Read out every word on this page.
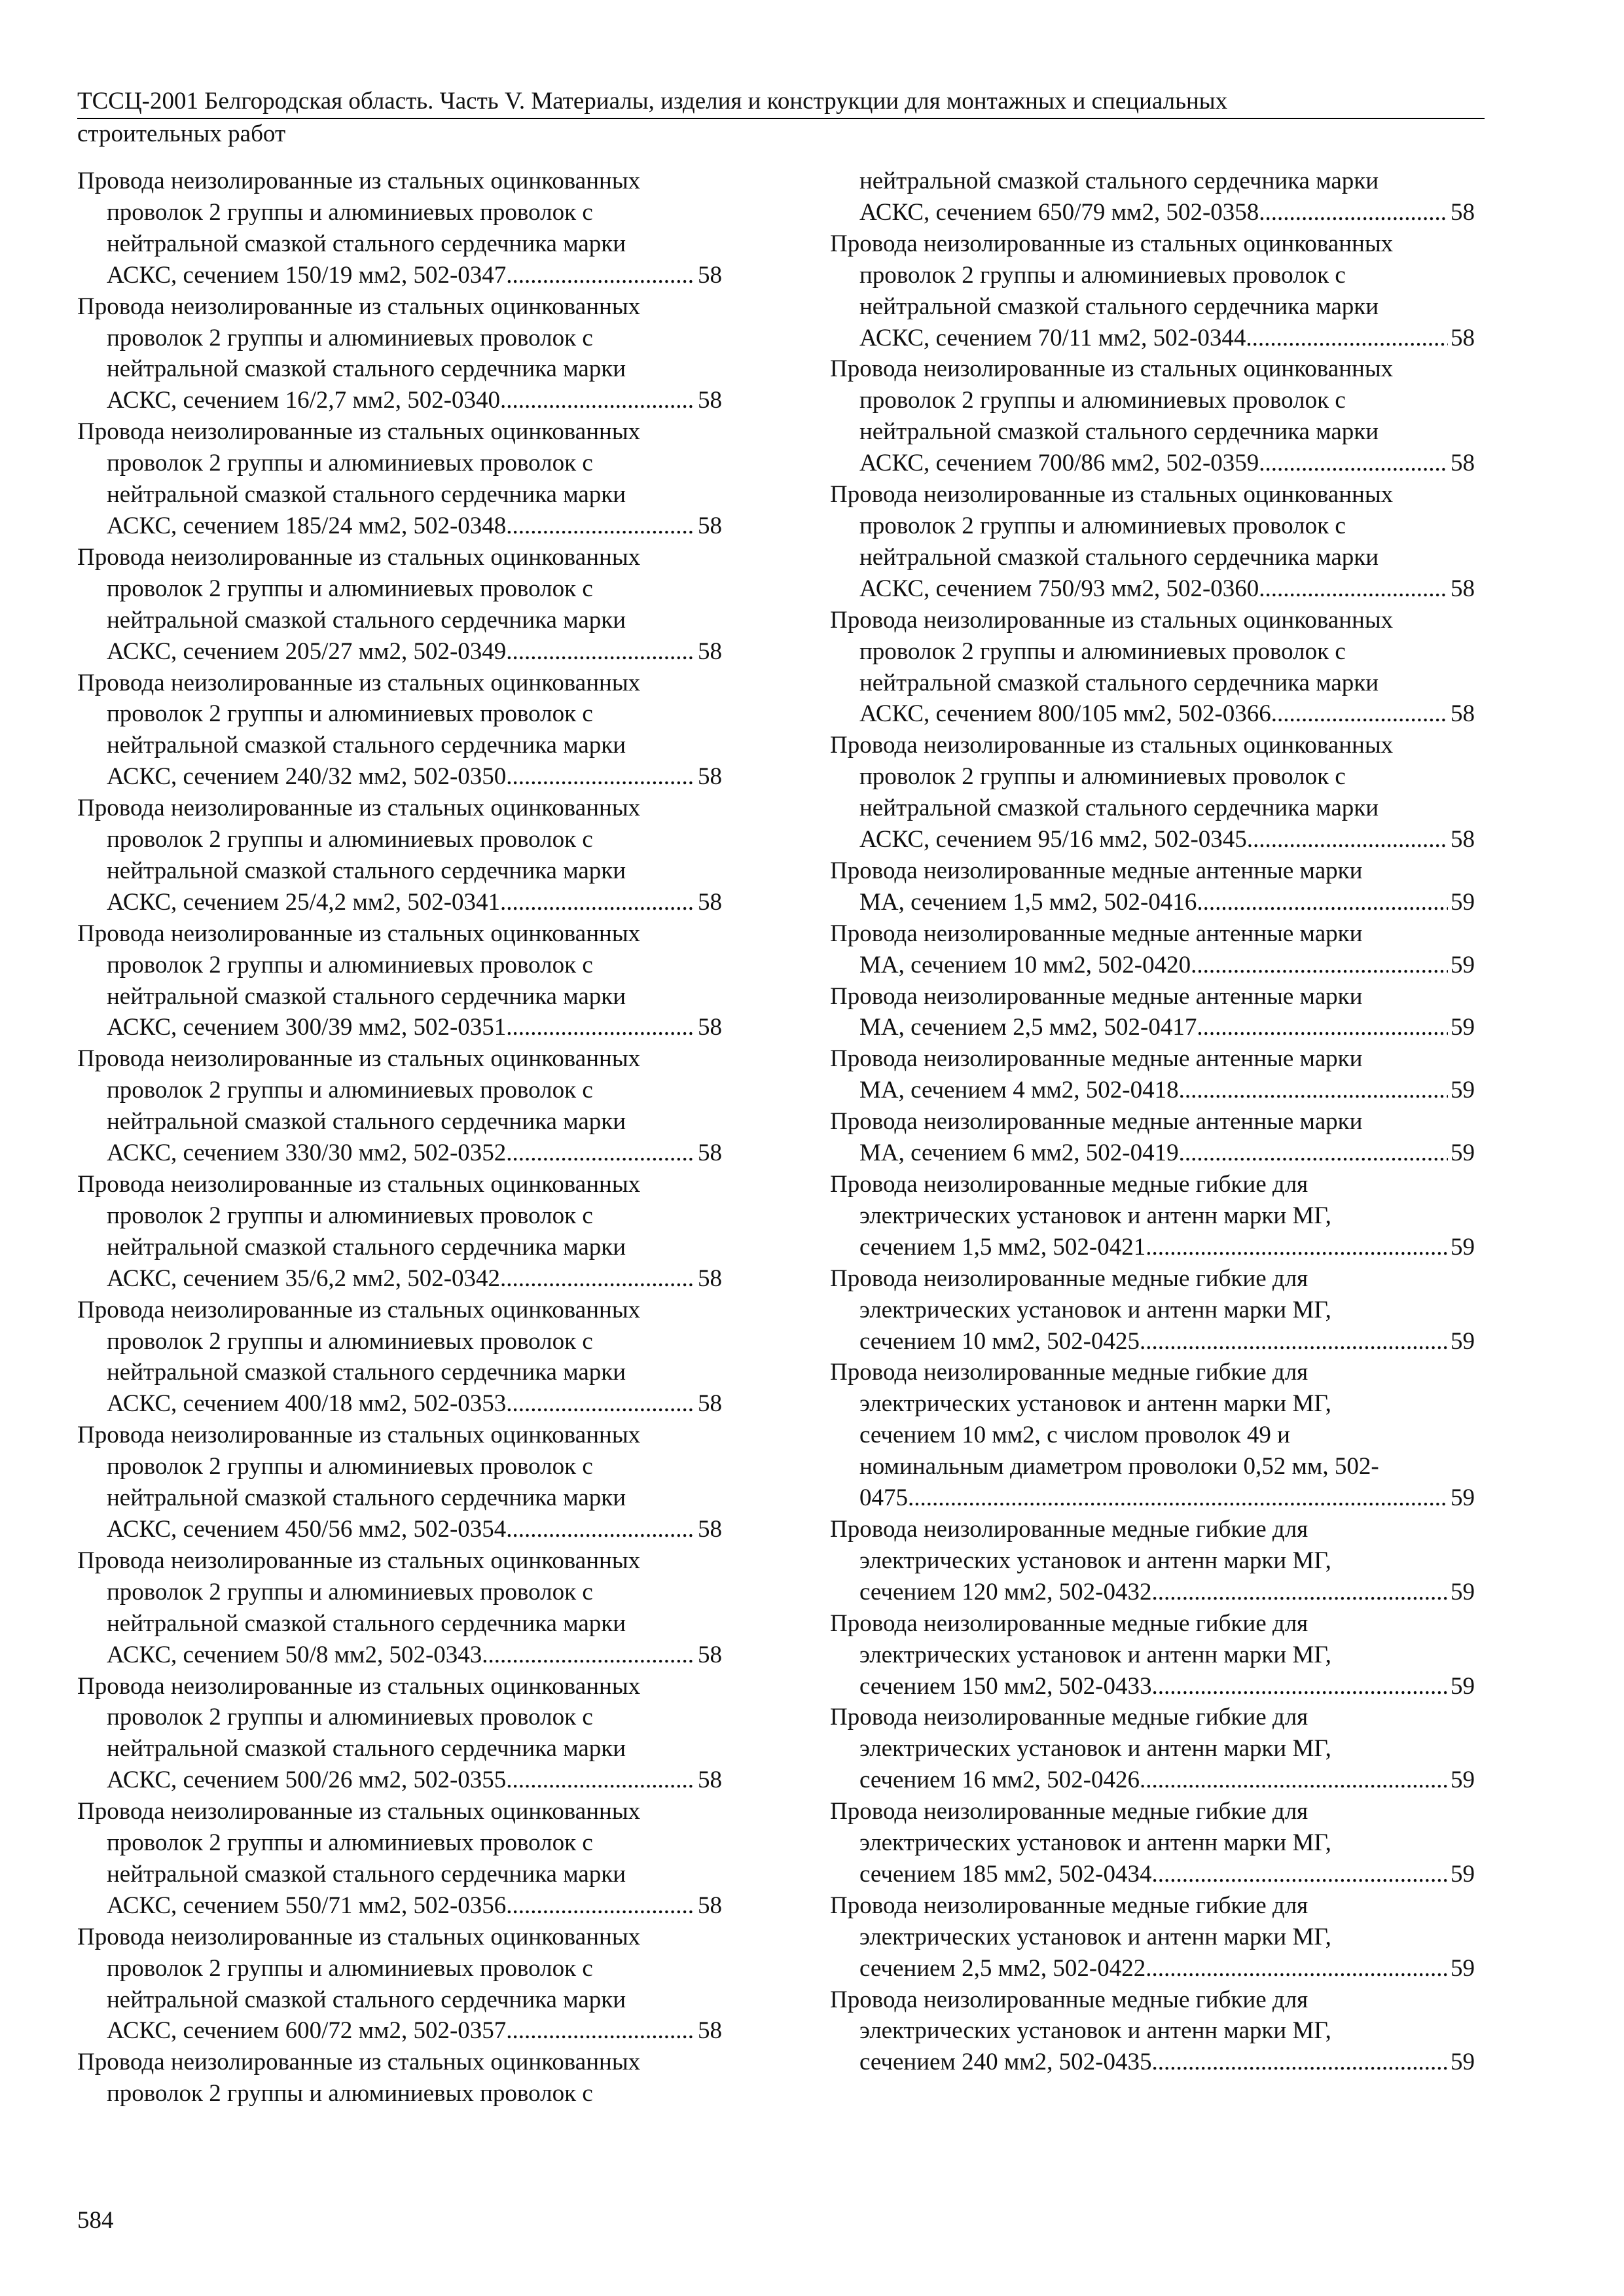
ТССЦ-2001 Белгородская область. Часть V. Материалы, изделия и конструкции для монтажных и специальных
строительных работ
Провода неизолированные из стальных оцинкованных
проволок 2 группы и алюминиевых проволок с
нейтральной смазкой стального сердечника марки
АСКС, сечением 150/19 мм2, 502-0347 .....	58
Провода неизолированные из стальных оцинкованных
проволок 2 группы и алюминиевых проволок с
нейтральной смазкой стального сердечника марки
АСКС, сечением 16/2,7 мм2, 502-0340 .....	58
Провода неизолированные из стальных оцинкованных
проволок 2 группы и алюминиевых проволок с
нейтральной смазкой стального сердечника марки
АСКС, сечением 185/24 мм2, 502-0348 .....	58
Провода неизолированные из стальных оцинкованных
проволок 2 группы и алюминиевых проволок с
нейтральной смазкой стального сердечника марки
АСКС, сечением 205/27 мм2, 502-0349 .....	58
Провода неизолированные из стальных оцинкованных
проволок 2 группы и алюминиевых проволок с
нейтральной смазкой стального сердечника марки
АСКС, сечением 240/32 мм2, 502-0350 .....	58
Провода неизолированные из стальных оцинкованных
проволок 2 группы и алюминиевых проволок с
нейтральной смазкой стального сердечника марки
АСКС, сечением 25/4,2 мм2, 502-0341 .....	58
Провода неизолированные из стальных оцинкованных
проволок 2 группы и алюминиевых проволок с
нейтральной смазкой стального сердечника марки
АСКС, сечением 300/39 мм2, 502-0351 .....	58
Провода неизолированные из стальных оцинкованных
проволок 2 группы и алюминиевых проволок с
нейтральной смазкой стального сердечника марки
АСКС, сечением 330/30 мм2, 502-0352 .....	58
Провода неизолированные из стальных оцинкованных
проволок 2 группы и алюминиевых проволок с
нейтральной смазкой стального сердечника марки
АСКС, сечением 35/6,2 мм2, 502-0342 .....	58
Провода неизолированные из стальных оцинкованных
проволок 2 группы и алюминиевых проволок с
нейтральной смазкой стального сердечника марки
АСКС, сечением 400/18 мм2, 502-0353 .....	58
Провода неизолированные из стальных оцинкованных
проволок 2 группы и алюминиевых проволок с
нейтральной смазкой стального сердечника марки
АСКС, сечением 450/56 мм2, 502-0354 .....	58
Провода неизолированные из стальных оцинкованных
проволок 2 группы и алюминиевых проволок с
нейтральной смазкой стального сердечника марки
АСКС, сечением 50/8 мм2, 502-0343 .....	58
Провода неизолированные из стальных оцинкованных
проволок 2 группы и алюминиевых проволок с
нейтральной смазкой стального сердечника марки
АСКС, сечением 500/26 мм2, 502-0355 .....	58
Провода неизолированные из стальных оцинкованных
проволок 2 группы и алюминиевых проволок с
нейтральной смазкой стального сердечника марки
АСКС, сечением 550/71 мм2, 502-0356 .....	58
Провода неизолированные из стальных оцинкованных
проволок 2 группы и алюминиевых проволок с
нейтральной смазкой стального сердечника марки
АСКС, сечением 600/72 мм2, 502-0357 .....	58
Провода неизолированные из стальных оцинкованных
проволок 2 группы и алюминиевых проволок с
нейтральной смазкой стального сердечника марки
АСКС, сечением 650/79 мм2, 502-0358 .....	58
Провода неизолированные из стальных оцинкованных
проволок 2 группы и алюминиевых проволок с
нейтральной смазкой стального сердечника марки
АСКС, сечением 70/11 мм2, 502-0344 .....	58
Провода неизолированные из стальных оцинкованных
проволок 2 группы и алюминиевых проволок с
нейтральной смазкой стального сердечника марки
АСКС, сечением 700/86 мм2, 502-0359 .....	58
Провода неизолированные из стальных оцинкованных
проволок 2 группы и алюминиевых проволок с
нейтральной смазкой стального сердечника марки
АСКС, сечением 750/93 мм2, 502-0360 .....	58
Провода неизолированные из стальных оцинкованных
проволок 2 группы и алюминиевых проволок с
нейтральной смазкой стального сердечника марки
АСКС, сечением 800/105 мм2, 502-0366 .....	58
Провода неизолированные из стальных оцинкованных
проволок 2 группы и алюминиевых проволок с
нейтральной смазкой стального сердечника марки
АСКС, сечением 95/16 мм2, 502-0345 .....	58
Провода неизолированные медные антенные марки
МА, сечением 1,5 мм2, 502-0416 .....	59
Провода неизолированные медные антенные марки
МА, сечением 10 мм2, 502-0420 .....	59
Провода неизолированные медные антенные марки
МА, сечением 2,5 мм2, 502-0417 .....	59
Провода неизолированные медные антенные марки
МА, сечением 4 мм2, 502-0418 .....	59
Провода неизолированные медные антенные марки
МА, сечением 6 мм2, 502-0419 .....	59
Провода неизолированные медные гибкие для
электрических установок и антенн марки МГ,
сечением 1,5 мм2, 502-0421 .....	59
Провода неизолированные медные гибкие для
электрических установок и антенн марки МГ,
сечением 10 мм2, 502-0425 .....	59
Провода неизолированные медные гибкие для
электрических установок и антенн марки МГ,
сечением 10 мм2, с числом проволок 49 и
номинальным диаметром проволоки 0,52 мм, 502-
0475 .....	59
Провода неизолированные медные гибкие для
электрических установок и антенн марки МГ,
сечением 120 мм2, 502-0432 .....	59
Провода неизолированные медные гибкие для
электрических установок и антенн марки МГ,
сечением 150 мм2, 502-0433 .....	59
Провода неизолированные медные гибкие для
электрических установок и антенн марки МГ,
сечением 16 мм2, 502-0426 .....	59
Провода неизолированные медные гибкие для
электрических установок и антенн марки МГ,
сечением 185 мм2, 502-0434 .....	59
Провода неизолированные медные гибкие для
электрических установок и антенн марки МГ,
сечением 2,5 мм2, 502-0422 .....	59
Провода неизолированные медные гибкие для
электрических установок и антенн марки МГ,
сечением 240 мм2, 502-0435 .....	59
584
